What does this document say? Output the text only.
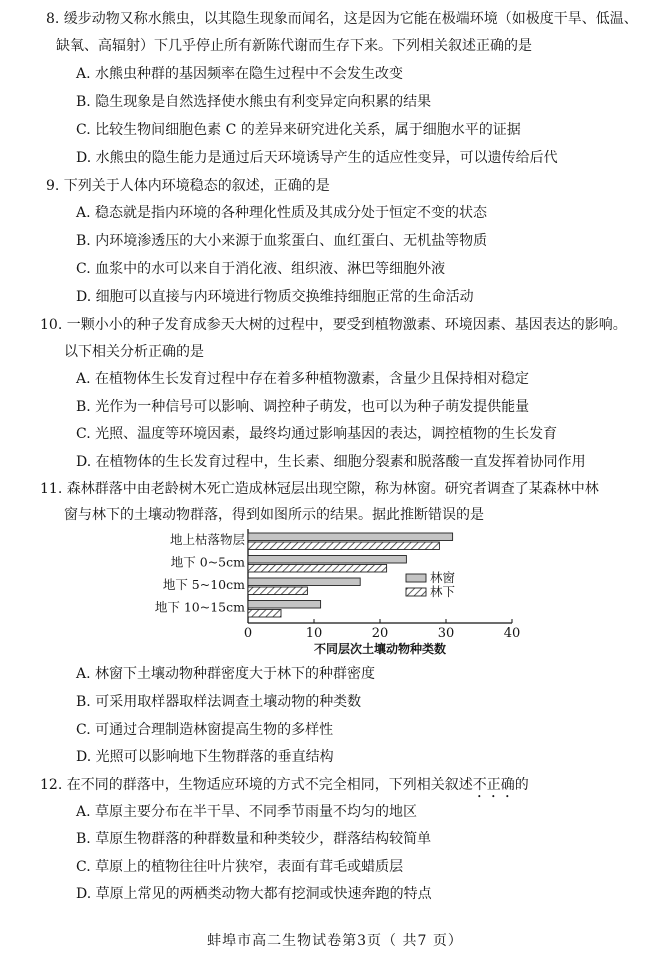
8. 缓步动物又称水熊虫，以其隐生现象而闻名，这是因为它能在极端环境（如极度干旱、低温、
缺氧、高辐射）下几乎停止所有新陈代谢而生存下来。下列相关叙述正确的是
A. 水熊虫种群的基因频率在隐生过程中不会发生改变
B. 隐生现象是自然选择使水熊虫有利变异定向积累的结果
C. 比较生物间细胞色素 C 的差异来研究进化关系，属于细胞水平的证据
D. 水熊虫的隐生能力是通过后天环境诱导产生的适应性变异，可以遗传给后代
9. 下列关于人体内环境稳态的叙述，正确的是
A. 稳态就是指内环境的各种理化性质及其成分处于恒定不变的状态
B. 内环境渗透压的大小来源于血浆蛋白、血红蛋白、无机盐等物质
C. 血浆中的水可以来自于消化液、组织液、淋巴等细胞外液
D. 细胞可以直接与内环境进行物质交换维持细胞正常的生命活动
10. 一颗小小的种子发育成参天大树的过程中，要受到植物激素、环境因素、基因表达的影响。
以下相关分析正确的是
A. 在植物体生长发育过程中存在着多种植物激素，含量少且保持相对稳定
B. 光作为一种信号可以影响、调控种子萌发，也可以为种子萌发提供能量
C. 光照、温度等环境因素，最终均通过影响基因的表达，调控植物的生长发育
D. 在植物体的生长发育过程中，生长素、细胞分裂素和脱落酸一直发挥着协同作用
11. 森林群落中由老龄树木死亡造成林冠层出现空隙，称为林窗。研究者调查了某森林中林
窗与林下的土壤动物群落，得到如图所示的结果。据此推断错误的是
0	10	20	30	40
不同层次土壤动物种类数
地上枯落物层
地下 0~5cm
地下 5~10cm
地下 10~15cm
林窗
林下
A. 林窗下土壤动物种群密度大于林下的种群密度
B. 可采用取样器取样法调查土壤动物的种类数
C. 可通过合理制造林窗提高生物的多样性
D. 光照可以影响地下生物群落的垂直结构
12. 在不同的群落中，生物适应环境的方式不完全相同，下列相关叙述不正确的
A. 草原主要分布在半干旱、不同季节雨量不均匀的地区
B. 草原生物群落的种群数量和种类较少，群落结构较简单
C. 草原上的植物往往叶片狭窄，表面有茸毛或蜡质层
D. 草原上常见的两栖类动物大都有挖洞或快速奔跑的特点
蚌埠市高二生物试卷第3页（ 共7 页）
